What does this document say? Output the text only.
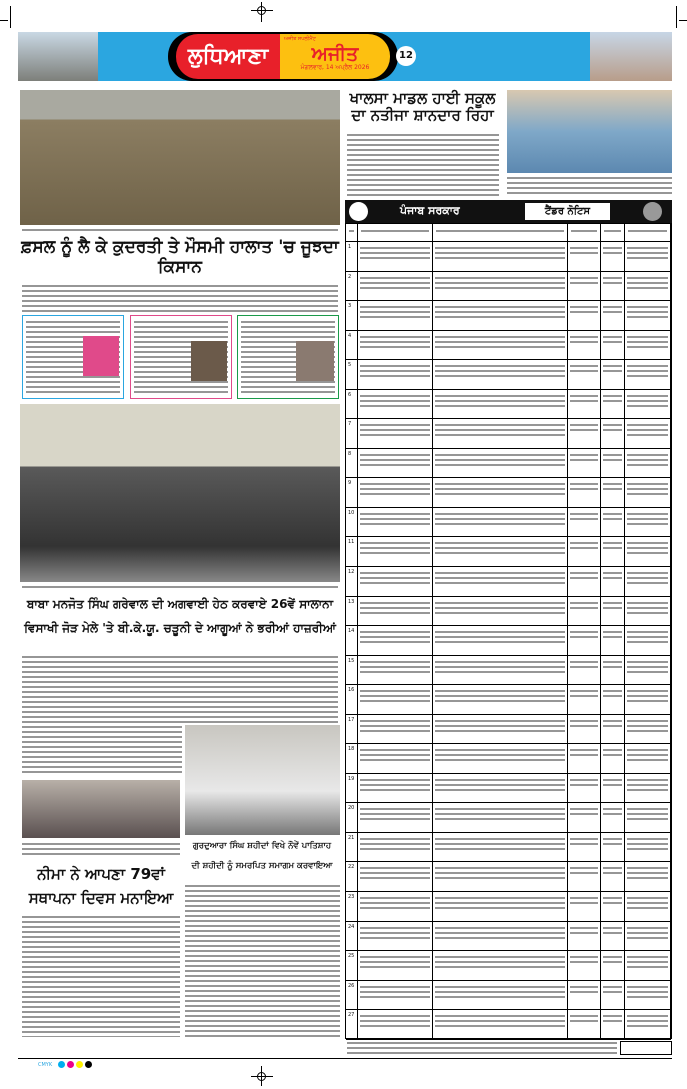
ਲੁਧਿਆਣਾ
ਅਜੀਤ ਸਪਲੀਮੈਂਟ
ਅਜੀਤ
ਮੰਗਲਵਾਰ, 14 ਅਪ੍ਰੈਲ 2026
12
ਫ਼ਸਲ ਨੂੰ ਲੈ ਕੇ ਕੁਦਰਤੀ ਤੇ ਮੌਸਮੀ ਹਾਲਾਤ 'ਚ ਜੂਝਦਾ ਕਿਸਾਨ
ਬਾਬਾ ਮਨਜੋਤ ਸਿੰਘ ਗਰੇਵਾਲ ਦੀ ਅਗਵਾਈ ਹੇਠ ਕਰਵਾਏ 26ਵੇਂ ਸਾਲਾਨਾ
ਵਿਸਾਖੀ ਜੋੜ ਮੇਲੇ 'ਤੇ ਬੀ.ਕੇ.ਯੂ. ਚੜੂਨੀ ਦੇ ਆਗੂਆਂ ਨੇ ਭਰੀਆਂ ਹਾਜ਼ਰੀਆਂ
ਨੀਮਾ ਨੇ ਆਪਣਾ 79ਵਾਂ
ਸਥਾਪਨਾ ਦਿਵਸ ਮਨਾਇਆ
ਗੁਰਦੁਆਰਾ ਸਿੰਘ ਸ਼ਹੀਦਾਂ ਵਿਖੇ ਨੌਵੇਂ ਪਾਤਿਸ਼ਾਹ
ਦੀ ਸ਼ਹੀਦੀ ਨੂੰ ਸਮਰਪਿਤ ਸਮਾਗਮ ਕਰਵਾਇਆ
ਖਾਲਸਾ ਮਾਡਲ ਹਾਈ ਸਕੂਲ ਦਾ ਨਤੀਜਾ ਸ਼ਾਨਦਾਰ ਰਿਹਾ
ਪੰਜਾਬ ਸਰਕਾਰ	ਟੈਂਡਰ ਨੋਟਿਸ
1
2
3
4
5
6
7
8
9
10
11
12
13
14
15
16
17
18
19
20
21
22
23
24
25
26
27
CMYK
